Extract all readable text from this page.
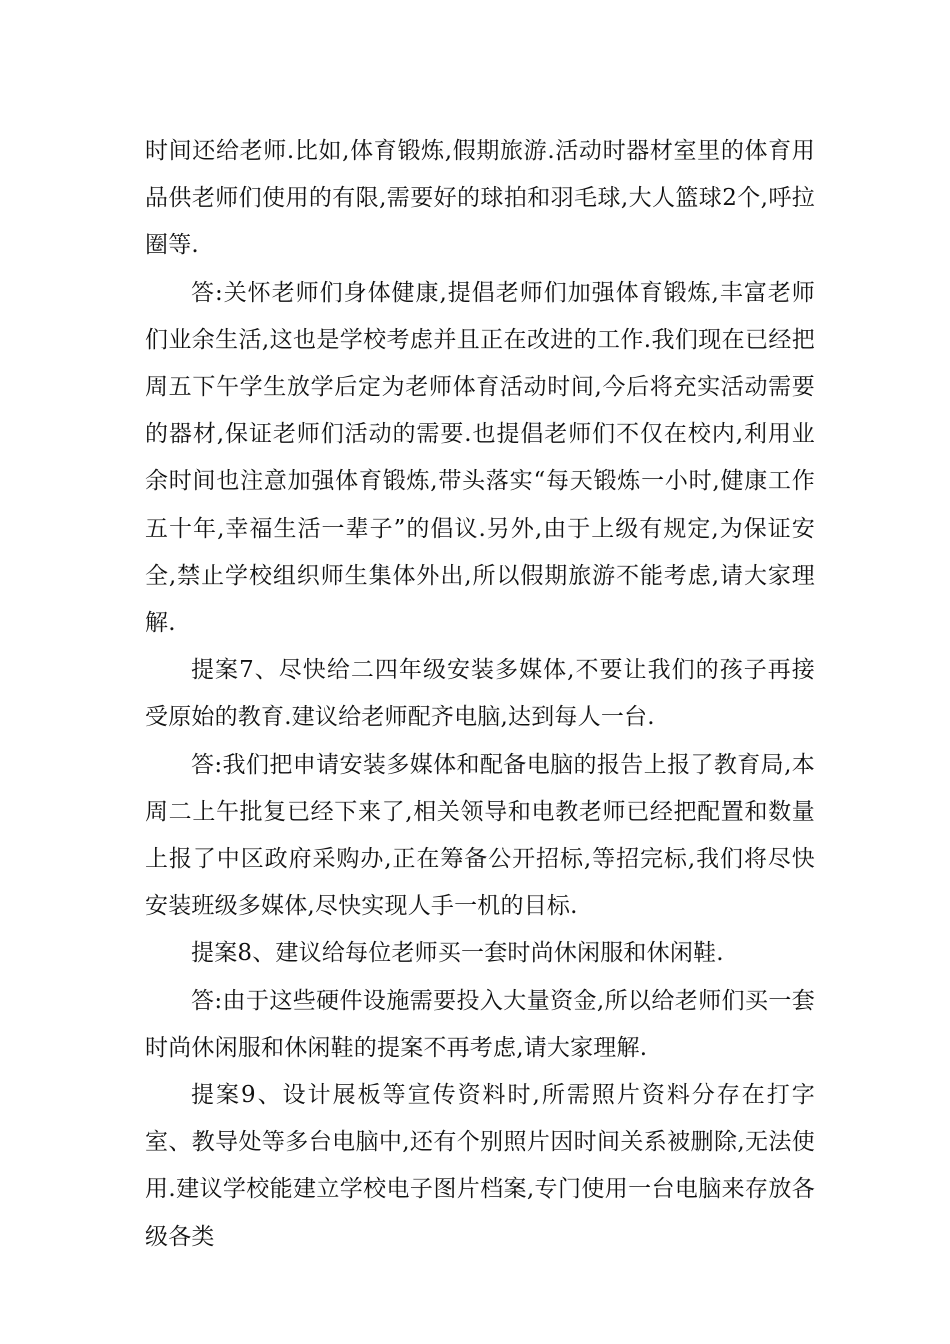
时间还给老师.比如,体育锻炼,假期旅游.活动时器材室里的体育用品供老师们使用的有限,需要好的球拍和羽毛球,大人篮球2个,呼拉圈等.

答:关怀老师们身体健康,提倡老师们加强体育锻炼,丰富老师们业余生活,这也是学校考虑并且正在改进的工作.我们现在已经把周五下午学生放学后定为老师体育活动时间,今后将充实活动需要的器材,保证老师们活动的需要.也提倡老师们不仅在校内,利用业余时间也注意加强体育锻炼,带头落实“每天锻炼一小时,健康工作五十年,幸福生活一辈子”的倡议.另外,由于上级有规定,为保证安全,禁止学校组织师生集体外出,所以假期旅游不能考虑,请大家理解.

提案7、尽快给二四年级安装多媒体,不要让我们的孩子再接受原始的教育.建议给老师配齐电脑,达到每人一台.

答:我们把申请安装多媒体和配备电脑的报告上报了教育局,本周二上午批复已经下来了,相关领导和电教老师已经把配置和数量上报了中区政府采购办,正在筹备公开招标,等招完标,我们将尽快安装班级多媒体,尽快实现人手一机的目标.

提案8、建议给每位老师买一套时尚休闲服和休闲鞋.

答:由于这些硬件设施需要投入大量资金,所以给老师们买一套时尚休闲服和休闲鞋的提案不再考虑,请大家理解.

提案9、设计展板等宣传资料时,所需照片资料分存在打字室、教导处等多台电脑中,还有个别照片因时间关系被删除,无法使用.建议学校能建立学校电子图片档案,专门使用一台电脑来存放各级各类
